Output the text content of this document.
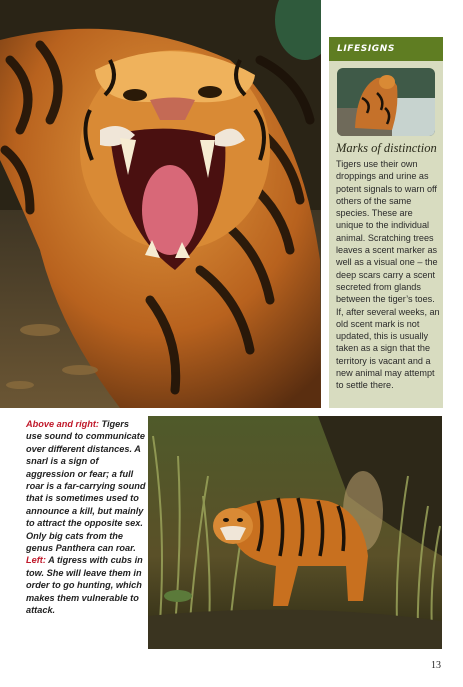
LIFESIGNS
Marks of distinction
Tigers use their own droppings and urine as potent signals to warn off others of the same species. These are unique to the individual animal. Scratching trees leaves a scent marker as well as a visual one – the deep scars carry a scent secreted from glands between the tiger’s toes. If, after several weeks, an old scent mark is not updated, this is usually taken as a sign that the territory is vacant and a new animal may attempt to settle there.
Above and right: Tigers use sound to communicate over different distances. A snarl is a sign of aggression or fear; a full roar is a far-carrying sound that is sometimes used to announce a kill, but mainly to attract the opposite sex. Only big cats from the genus Panthera can roar.
Left: A tigress with cubs in tow. She will leave them in order to go hunting, which makes them vulnerable to attack.
13
